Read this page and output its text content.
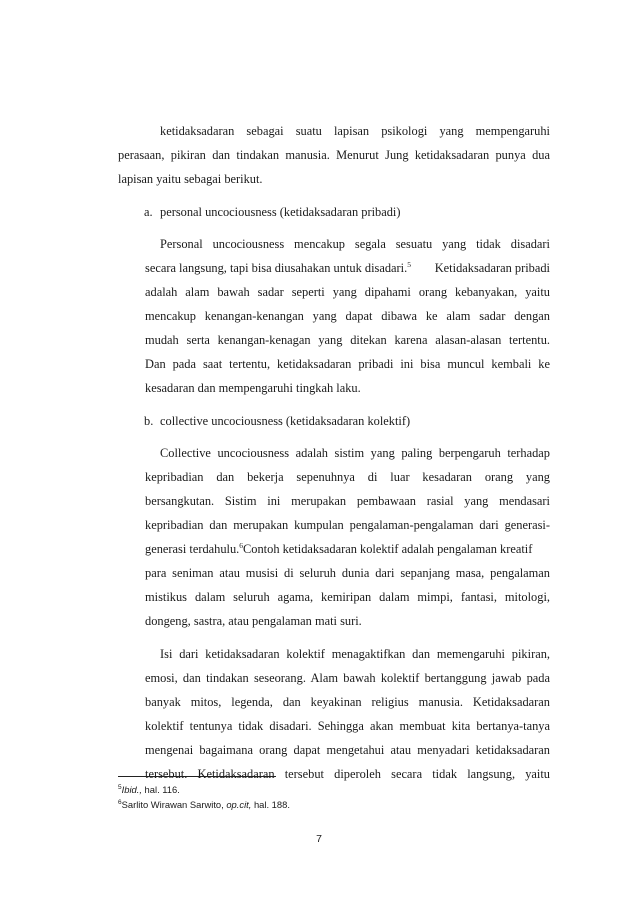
ketidaksadaran sebagai suatu lapisan psikologi yang mempengaruhi
perasaan, pikiran dan tindakan manusia. Menurut Jung ketidaksadaran punya dua
lapisan yaitu sebagai berikut.
a. personal uncociousness (ketidaksadaran pribadi)
Personal uncociousness mencakup segala sesuatu yang tidak disadari
secara langsung, tapi bisa diusahakan untuk disadari.$^5$	Ketidaksadaran pribadi
adalah alam bawah sadar seperti yang dipahami orang kebanyakan, yaitu
mencakup kenangan-kenangan yang dapat dibawa ke alam sadar dengan
mudah serta kenangan-kenagan yang ditekan karena alasan-alasan tertentu.
Dan pada saat tertentu, ketidaksadaran pribadi ini bisa muncul kembali ke
kesadaran dan mempengaruhi tingkah laku.
b. collective uncociousness (ketidaksadaran kolektif)
Collective uncociousness adalah sistim yang paling berpengaruh terhadap
kepribadian dan bekerja sepenuhnya di luar kesadaran orang yang
bersangkutan. Sistim ini merupakan pembawaan rasial yang mendasari
kepribadian dan merupakan kumpulan pengalaman-pengalaman dari generasi-
generasi terdahulu.$^6$Contoh ketidaksadaran kolektif adalah pengalaman kreatif
para seniman atau musisi di seluruh dunia dari sepanjang masa, pengalaman
mistikus dalam seluruh agama, kemiripan dalam mimpi, fantasi, mitologi,
dongeng, sastra, atau pengalaman mati suri.
Isi dari ketidaksadaran kolektif menagaktifkan dan memengaruhi pikiran,
emosi, dan tindakan seseorang. Alam bawah kolektif bertanggung jawab pada
banyak mitos, legenda, dan keyakinan religius manusia. Ketidaksadaran
kolektif tentunya tidak disadari. Sehingga akan membuat kita bertanya-tanya
mengenai bagaimana orang dapat mengetahui atau menyadari ketidaksadaran
tersebut. Ketidaksadaran tersebut diperoleh secara tidak langsung, yaitu
$^5$Ibid., hal. 116.
$^6$Sarlito Wirawan Sarwito, op.cit, hal. 188.
7
